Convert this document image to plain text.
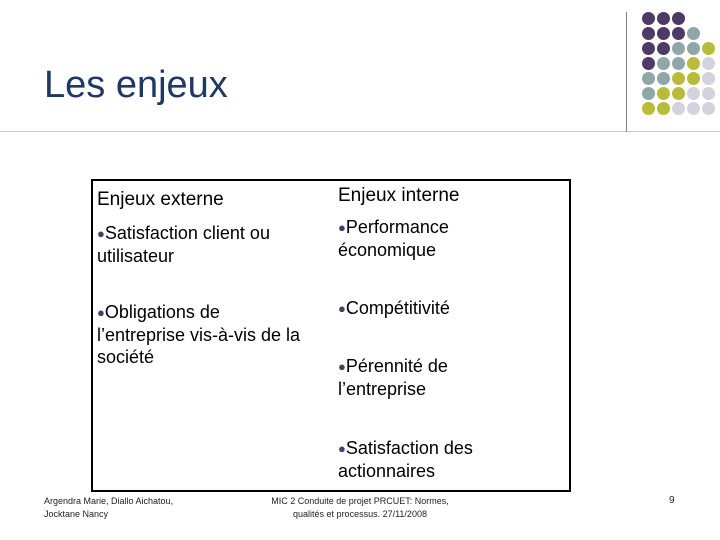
Les enjeux
Enjeux externe	Enjeux interne
●Satisfaction client ou
utilisateur
●Obligations de
l’entreprise vis-à-vis de la
société
●Performance
économique
●Compétitivité
●Pérennité de
l’entreprise
●Satisfaction des
actionnaires
Argendra Marie, Diallo Aichatou,
Jocktane Nancy
MIC 2 Conduite de projet PRCUET: Normes,
qualités et processus. 27/11/2008
9
